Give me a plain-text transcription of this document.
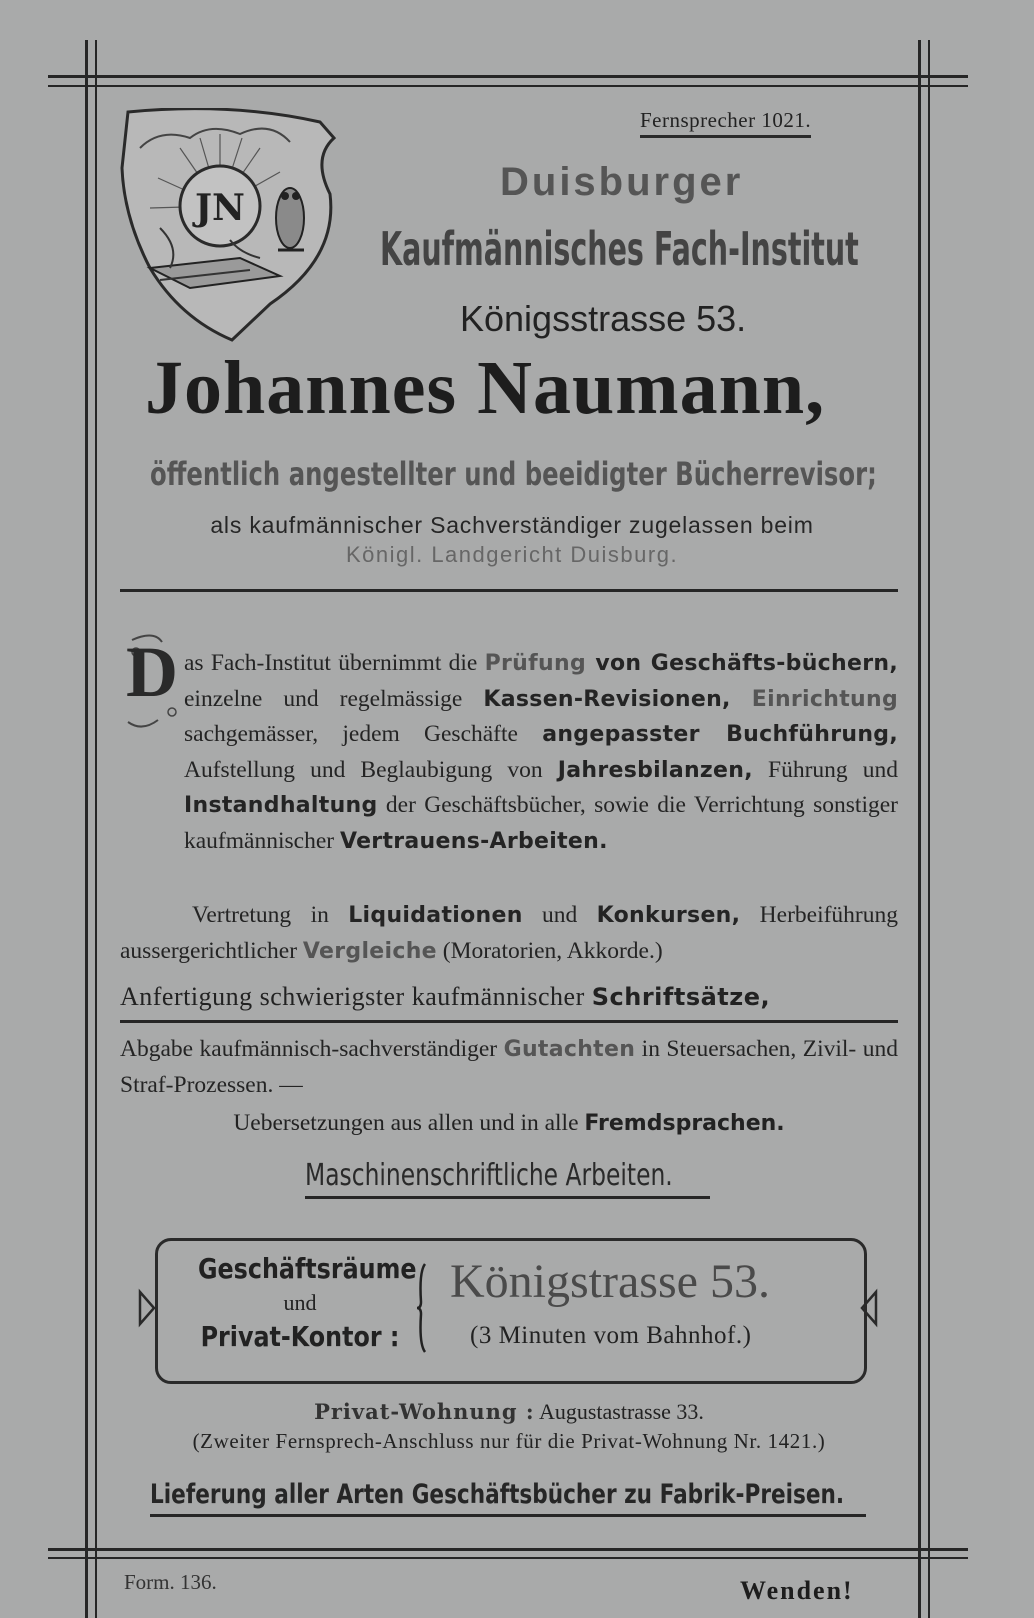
JN
Fernsprecher 1021.
Duisburger
Kaufmännisches Fach-Institut
Königsstrasse 53.
Johannes Naumann,
öffentlich angestellter und beeidigter Bücherrevisor;
als kaufmännischer Sachverständiger zugelassen beim
Königl. Landgericht Duisburg.
D as Fach-Institut übernimmt die Prüfung von Geschäfts-büchern, einzelne und regelmässige Kassen-Revisionen, Einrichtung sachgemässer, jedem Geschäfte angepasster Buchführung, Aufstellung und Beglaubigung von Jahresbilanzen, Führung und Instandhaltung der Geschäftsbücher, sowie die Verrichtung sonstiger kaufmännischer Vertrauens-Arbeiten.
Vertretung in Liquidationen und Konkursen, Herbeiführung aussergerichtlicher Vergleiche (Moratorien, Akkorde.)
Anfertigung schwierigster kaufmännischer Schriftsätze,
Abgabe kaufmännisch-sachverständiger Gutachten in Steuersachen, Zivil- und Straf-Prozessen. —
Uebersetzungen aus allen und in alle Fremdsprachen.
Maschinenschriftliche Arbeiten.
Geschäftsräume
und
Privat-Kontor :
Königstrasse 53.
(3 Minuten vom Bahnhof.)
Privat-Wohnung : Augustastrasse 33.
(Zweiter Fernsprech-Anschluss nur für die Privat-Wohnung Nr. 1421.)
Lieferung aller Arten Geschäftsbücher zu Fabrik-Preisen.
Form. 136.	Wenden!
